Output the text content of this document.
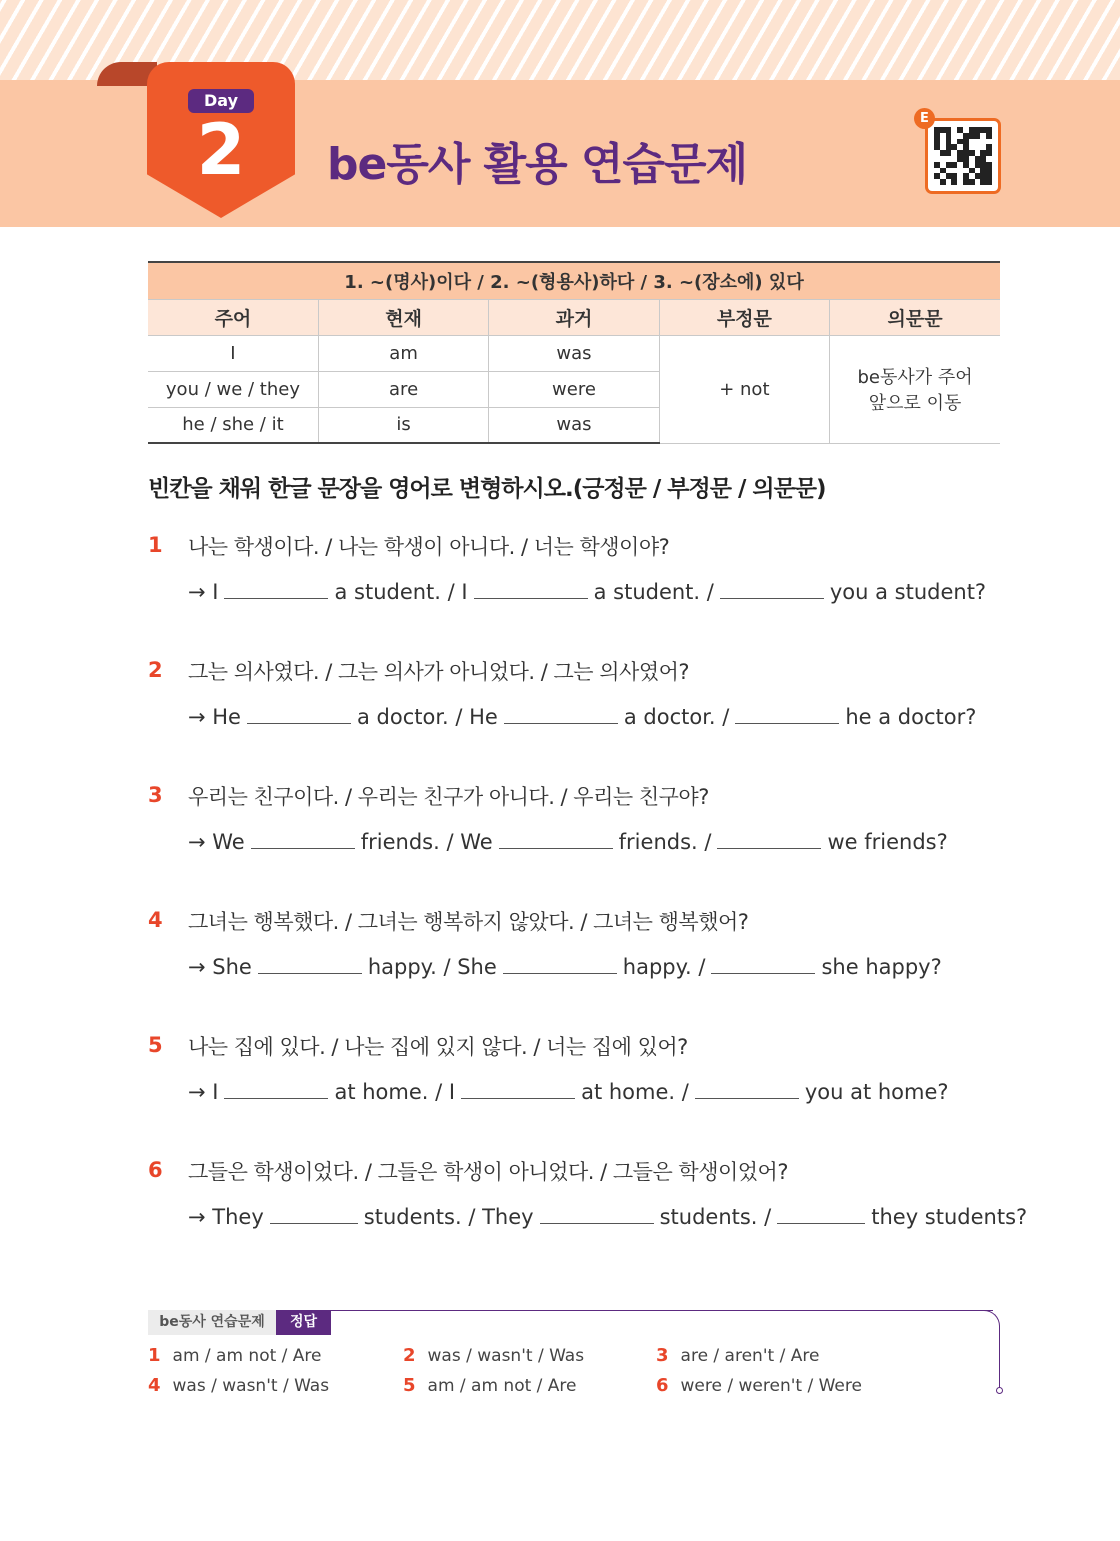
Day
2	be동사 활용 연습문제
E
1. ~(명사)이다 / 2. ~(형용사)하다 / 3. ~(장소에) 있다				
주어	현재	과거	부정문	의문문
I	am	was	+ not	be동사가 주어
앞으로 이동

you / we / they	are	were		
he / she / it	is	was		
빈칸을 채워 한글 문장을 영어로 변형하시오.(긍정문 / 부정문 / 의문문)
1 나는 학생이다. / 나는 학생이 아니다. / 너는 학생이야?
→ I	a student. / I	a student. /	you a student?
2 그는 의사였다. / 그는 의사가 아니었다. / 그는 의사였어?
→ He	a doctor. / He	a doctor. /	he a doctor?
3 우리는 친구이다. / 우리는 친구가 아니다. / 우리는 친구야?
→ We	friends. / We	friends. /	we friends?
4 그녀는 행복했다. / 그녀는 행복하지 않았다. / 그녀는 행복했어?
→ She	happy. / She	happy. /	she happy?
5 나는 집에 있다. / 나는 집에 있지 않다. / 너는 집에 있어?
→ I	at home. / I	at home. /	you at home?
6 그들은 학생이었다. / 그들은 학생이 아니었다. / 그들은 학생이었어?
→ They	students. / They	students. /	they students?
be동사 연습문제	정답
1 am / am not / Are	2 was / wasn't / Was	3 are / aren't / Are
4 was / wasn't / Was	5 am / am not / Are	6 were / weren't / Were
